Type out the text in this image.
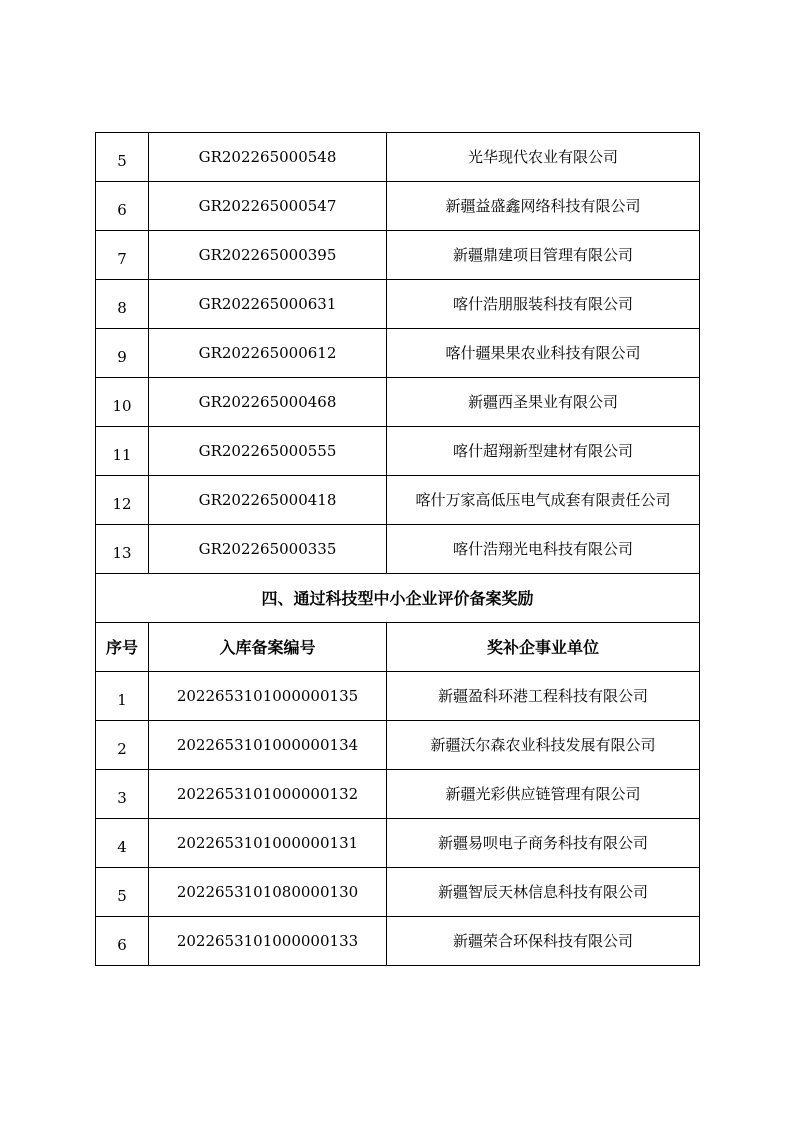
5	GR202265000548	光华现代农业有限公司
6	GR202265000547	新疆益盛鑫网络科技有限公司
7	GR202265000395	新疆鼎建项目管理有限公司
8	GR202265000631	喀什浩朋服装科技有限公司
9	GR202265000612	喀什疆果果农业科技有限公司
10	GR202265000468	新疆西圣果业有限公司
11	GR202265000555	喀什超翔新型建材有限公司
12	GR202265000418	喀什万家高低压电气成套有限责任公司
13	GR202265000335	喀什浩翔光电科技有限公司
四、通过科技型中小企业评价备案奖励		
序号	入库备案编号	奖补企事业单位
1	2022653101000000135	新疆盈科环港工程科技有限公司
2	2022653101000000134	新疆沃尔森农业科技发展有限公司
3	2022653101000000132	新疆光彩供应链管理有限公司
4	2022653101000000131	新疆易呗电子商务科技有限公司
5	2022653101080000130	新疆智辰天林信息科技有限公司
6	2022653101000000133	新疆荣合环保科技有限公司
